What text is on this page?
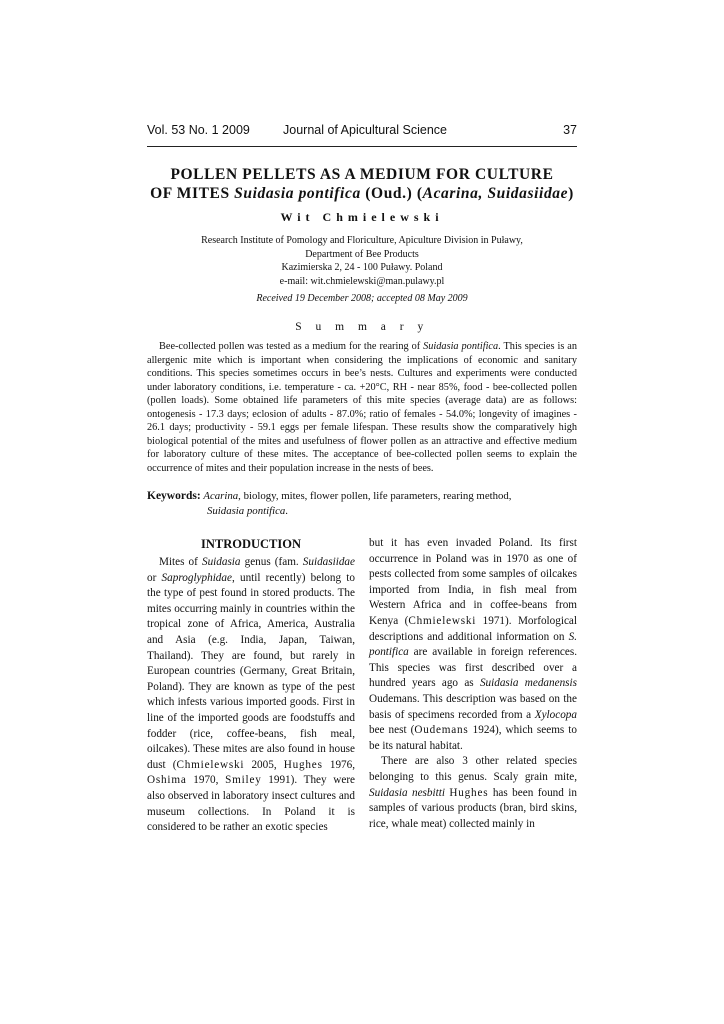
Vol. 53 No. 1 2009	Journal of Apicultural Science	37
POLLEN PELLETS AS A MEDIUM FOR CULTURE
OF MITES Suidasia pontifica (Oud.) (Acarina, Suidasiidae)
Wit Chmielewski
Research Institute of Pomology and Floriculture, Apiculture Division in Puławy,
Department of Bee Products
Kazimierska 2, 24 - 100 Puławy. Poland
e-mail: wit.chmielewski@man.pulawy.pl
Received 19 December 2008; accepted 08 May 2009
S u m m a r y

Bee-collected pollen was tested as a medium for the rearing of Suidasia pontifica. This species is an allergenic mite which is important when considering the implications of economic and sanitary conditions. This species sometimes occurs in bee’s nests. Cultures and experiments were conducted under laboratory conditions, i.e. temperature - ca. +20°C, RH - near 85%, food - bee-collected pollen (pollen loads). Some obtained life parameters of this mite species (average data) are as follows: ontogenesis - 17.3 days; eclosion of adults - 87.0%; ratio of females - 54.0%; longevity of imagines - 26.1 days; productivity - 59.1 eggs per female lifespan. These results show the comparatively high biological potential of the mites and usefulness of flower pollen as an attractive and effective medium for laboratory culture of these mites. The acceptance of bee-collected pollen seems to explain the occurrence of mites and their population increase in the nests of bees.

Keywords: Acarina, biology, mites, flower pollen, life parameters, rearing method,
Suidasia pontifica.
INTRODUCTION

Mites of Suidasia genus (fam. Suidasiidae or Saproglyphidae, until recently) belong to the type of pest found in stored products. The mites occurring mainly in countries within the tropical zone of Africa, America, Australia and Asia (e.g. India, Japan, Taiwan, Thailand). They are found, but rarely in European countries (Germany, Great Britain, Poland). They are known as type of the pest which infests various imported goods. First in line of the imported goods are foodstuffs and fodder (rice, coffee-beans, fish meal, oilcakes). These mites are also found in house dust (Chmielewski 2005, Hughes 1976, Oshima 1970, Smiley 1991). They were also observed in laboratory insect cultures and museum collections. In Poland it is considered to be rather an exotic species

but it has even invaded Poland. Its first occurrence in Poland was in 1970 as one of pests collected from some samples of oilcakes imported from India, in fish meal from Western Africa and in coffee-beans from Kenya (Chmielewski 1971). Morfological descriptions and additional information on S. pontifica are available in foreign references. This species was first described over a hundred years ago as Suidasia medanensis Oudemans. This description was based on the basis of specimens recorded from a Xylocopa bee nest (Oudemans 1924), which seems to be its natural habitat.

There are also 3 other related species belonging to this genus. Scaly grain mite, Suidasia nesbitti Hughes has been found in samples of various products (bran, bird skins, rice, whale meat) collected mainly in
